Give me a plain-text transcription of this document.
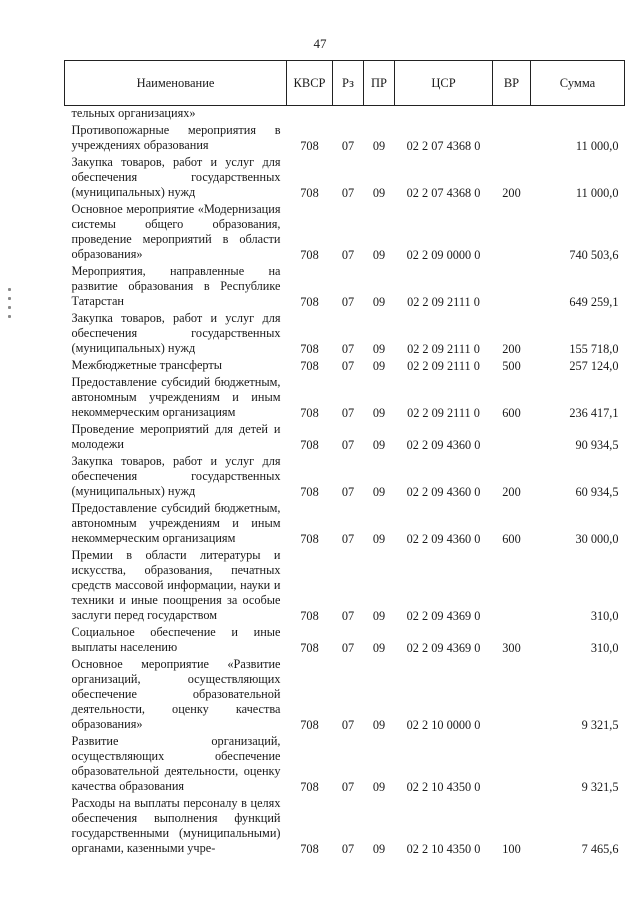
47
Наименование	КВСР	Рз	ПР	ЦСР	ВР	Сумма
тельных организациях»						
Противопожарные мероприятия в учреждениях образования	708	07	09	02 2 07 4368 0		11 000,0
Закупка товаров, работ и услуг для обеспечения государственных (муниципальных) нужд	708	07	09	02 2 07 4368 0	200	11 000,0
Основное мероприятие «Модернизация системы общего образования, проведение мероприятий в области образования»	708	07	09	02 2 09 0000 0		740 503,6
Мероприятия, направленные на развитие образования в Республике Татарстан	708	07	09	02 2 09 2111 0		649 259,1
Закупка товаров, работ и услуг для обеспечения государственных (муниципальных) нужд	708	07	09	02 2 09 2111 0	200	155 718,0
Межбюджетные трансферты	708	07	09	02 2 09 2111 0	500	257 124,0
Предоставление субсидий бюджетным, автономным учреждениям и иным некоммерческим организациям	708	07	09	02 2 09 2111 0	600	236 417,1
Проведение мероприятий для детей и молодежи	708	07	09	02 2 09 4360 0		90 934,5
Закупка товаров, работ и услуг для обеспечения государственных (муниципальных) нужд	708	07	09	02 2 09 4360 0	200	60 934,5
Предоставление субсидий бюджетным, автономным учреждениям и иным некоммерческим организациям	708	07	09	02 2 09 4360 0	600	30 000,0
Премии в области литературы и искусства, образования, печатных средств массовой информации, науки и техники и иные поощрения за особые заслуги перед государством	708	07	09	02 2 09 4369 0		310,0
Социальное обеспечение и иные выплаты населению	708	07	09	02 2 09 4369 0	300	310,0
Основное мероприятие «Развитие организаций, осуществляющих обеспечение образовательной деятельности, оценку качества образования»	708	07	09	02 2 10 0000 0		9 321,5
Развитие организаций, осуществляющих обеспечение образовательной деятельности, оценку качества образования	708	07	09	02 2 10 4350 0		9 321,5
Расходы на выплаты персоналу в целях обеспечения выполнения функций государственными (муниципальными) органами, казенными учре-	708	07	09	02 2 10 4350 0	100	7 465,6
